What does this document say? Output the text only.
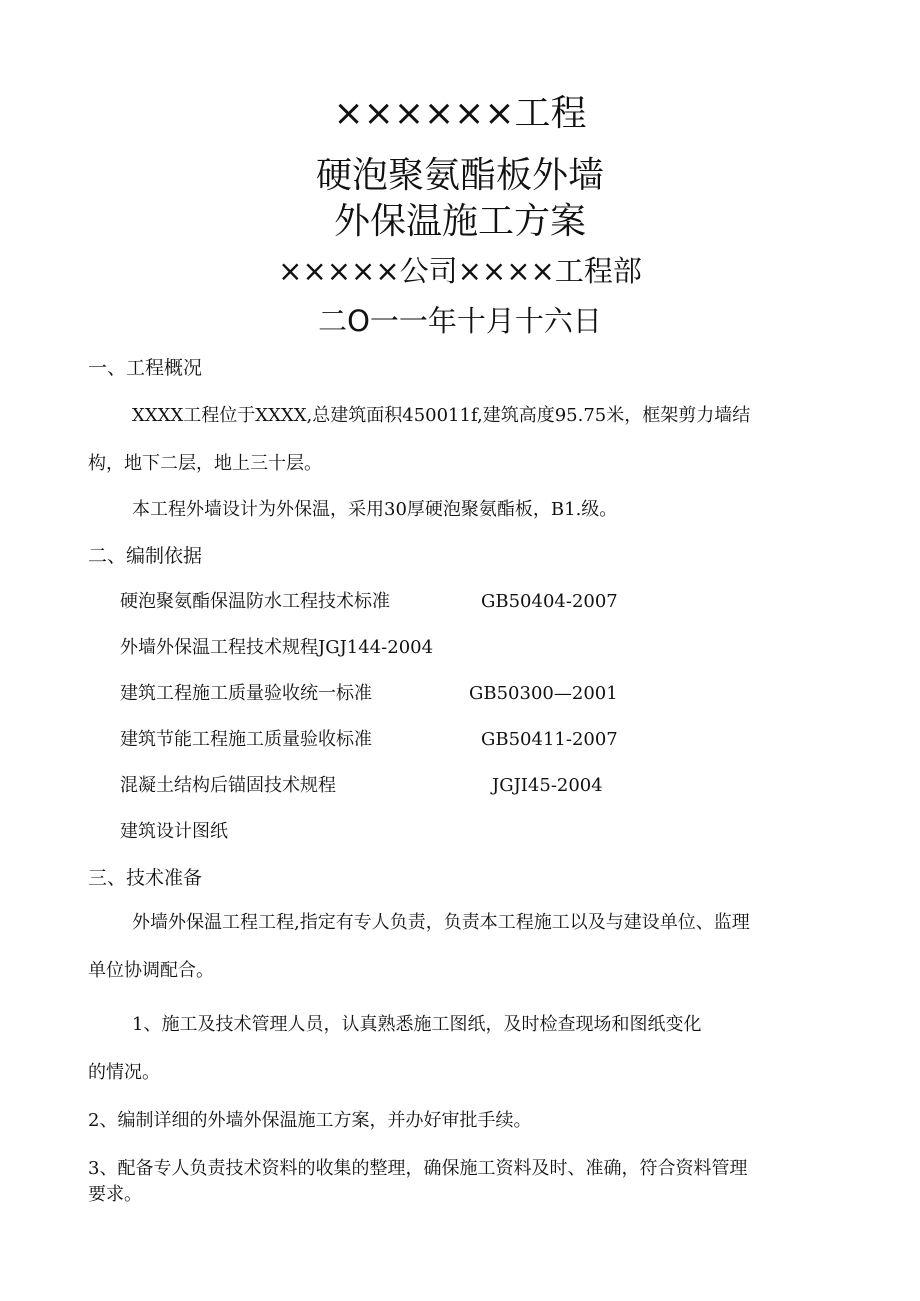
××××××工程
硬泡聚氨酯板外墙
外保温施工方案
×××××公司××××工程部
二O一一年十月十六日
一、工程概况
XXXX工程位于XXXX,总建筑面积450011f,建筑高度95.75米，框架剪力墙结
构，地下二层，地上三十层。
本工程外墙设计为外保温，采用30厚硬泡聚氨酯板，B1.级。
二、编制依据
硬泡聚氨酯保温防水工程技术标准	GB50404-2007
外墙外保温工程技术规程JGJ144-2004
建筑工程施工质量验收统一标准	GB50300—2001
建筑节能工程施工质量验收标准	GB50411-2007
混凝土结构后锚固技术规程	JGJI45-2004
建筑设计图纸
三、技术准备
外墙外保温工程工程,指定有专人负责，负责本工程施工以及与建设单位、监理
单位协调配合。
1、施工及技术管理人员，认真熟悉施工图纸，及时检查现场和图纸变化
的情况。
2、编制详细的外墙外保温施工方案，并办好审批手续。
3、配备专人负责技术资料的收集的整理，确保施工资料及时、准确，符合资料管理
要求。
